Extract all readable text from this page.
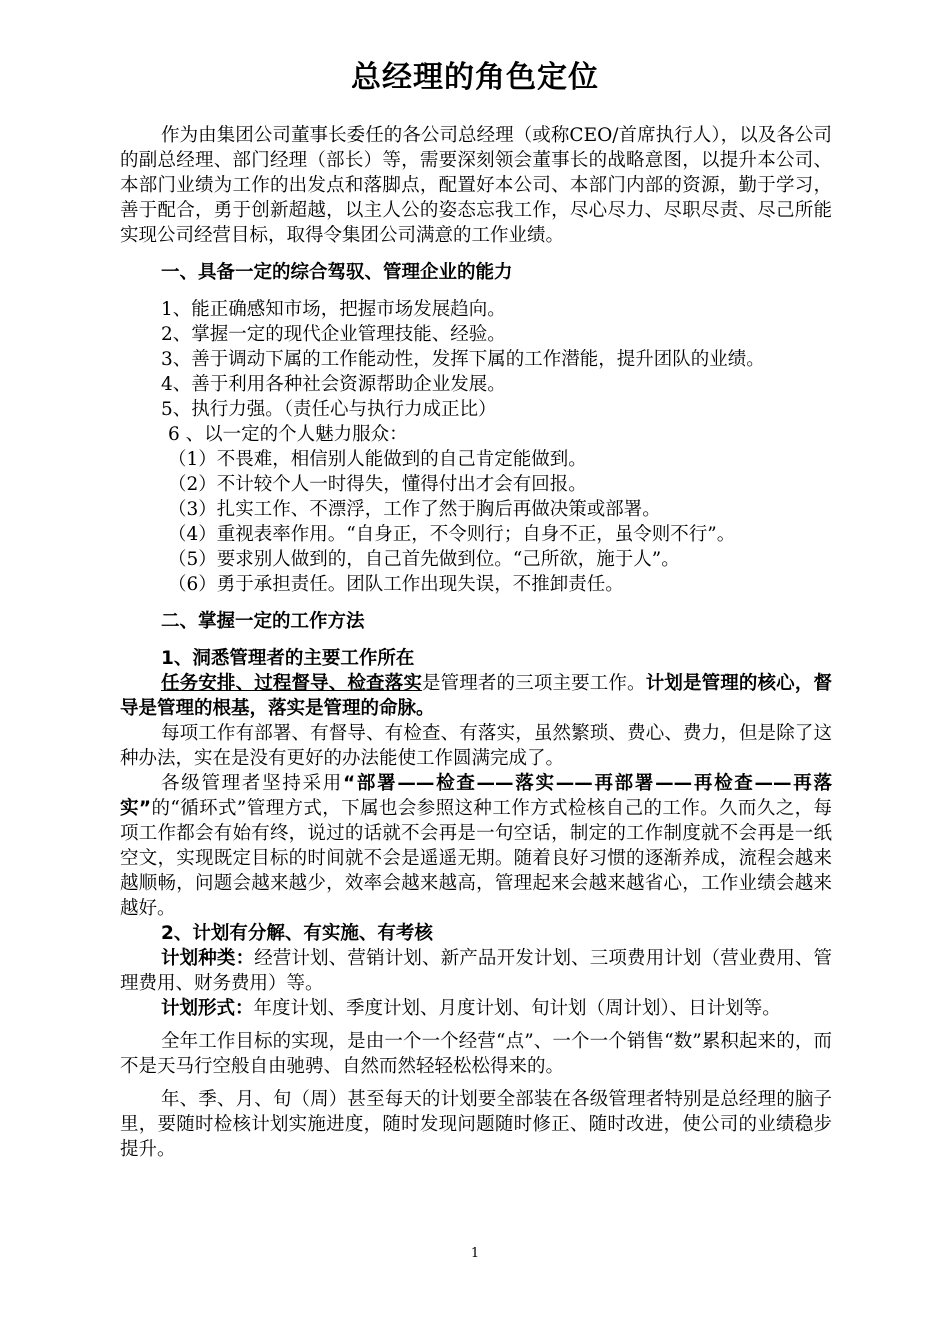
总经理的角色定位

作为由集团公司董事长委任的各公司总经理（或称CEO/首席执行人），以及各公司的副总经理、部门经理（部长）等，需要深刻领会董事长的战略意图，以提升本公司、本部门业绩为工作的出发点和落脚点，配置好本公司、本部门内部的资源，勤于学习，善于配合，勇于创新超越，以主人公的姿态忘我工作，尽心尽力、尽职尽责、尽己所能实现公司经营目标，取得令集团公司满意的工作业绩。

一、具备一定的综合驾驭、管理企业的能力

1、能正确感知市场，把握市场发展趋向。

2、掌握一定的现代企业管理技能、经验。

3、善于调动下属的工作能动性，发挥下属的工作潜能，提升团队的业绩。

4、善于利用各种社会资源帮助企业发展。

5、执行力强。（责任心与执行力成正比）

6 、以一定的个人魅力服众：

（1）不畏难，相信别人能做到的自己肯定能做到。

（2）不计较个人一时得失，懂得付出才会有回报。

（3）扎实工作、不漂浮，工作了然于胸后再做决策或部署。

（4）重视表率作用。“自身正，不令则行；自身不正，虽令则不行”。

（5）要求别人做到的，自己首先做到位。“己所欲，施于人”。

（6）勇于承担责任。团队工作出现失误，不推卸责任。

二、掌握一定的工作方法

1、洞悉管理者的主要工作所在

任务安排、过程督导、检查落实是管理者的三项主要工作。计划是管理的核心，督导是管理的根基，落实是管理的命脉。

每项工作有部署、有督导、有检查、有落实，虽然繁琐、费心、费力，但是除了这种办法，实在是没有更好的办法能使工作圆满完成了。

各级管理者坚持采用“部署——检查——落实——再部署——再检查——再落实”的“循环式”管理方式，下属也会参照这种工作方式检核自己的工作。久而久之，每项工作都会有始有终，说过的话就不会再是一句空话，制定的工作制度就不会再是一纸空文，实现既定目标的时间就不会是遥遥无期。随着良好习惯的逐渐养成，流程会越来越顺畅，问题会越来越少，效率会越来越高，管理起来会越来越省心，工作业绩会越来越好。

2、计划有分解、有实施、有考核

计划种类：经营计划、营销计划、新产品开发计划、三项费用计划（营业费用、管理费用、财务费用）等。

计划形式：年度计划、季度计划、月度计划、旬计划（周计划）、日计划等。

全年工作目标的实现，是由一个一个经营“点”、一个一个销售“数”累积起来的，而不是天马行空般自由驰骋、自然而然轻轻松松得来的。

年、季、月、旬（周）甚至每天的计划要全部装在各级管理者特别是总经理的脑子里，要随时检核计划实施进度，随时发现问题随时修正、随时改进，使公司的业绩稳步提升。

1
